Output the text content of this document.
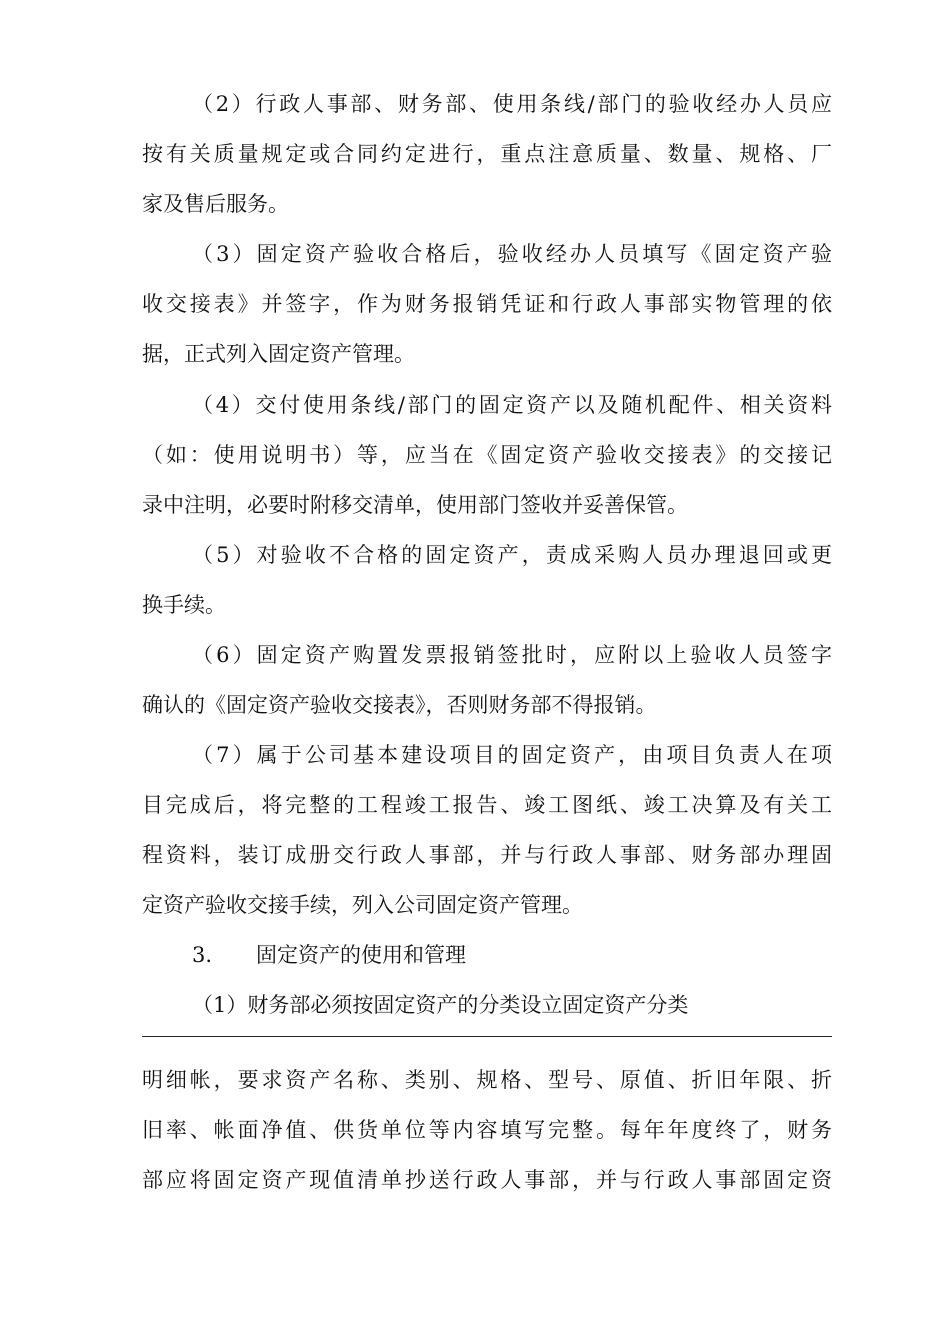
（2）行政人事部、财务部、使用条线/部门的验收经办人员应
按有关质量规定或合同约定进行，重点注意质量、数量、规格、厂
家及售后服务。
（3）固定资产验收合格后，验收经办人员填写《固定资产验
收交接表》并签字，作为财务报销凭证和行政人事部实物管理的依
据，正式列入固定资产管理。
（4）交付使用条线/部门的固定资产以及随机配件、相关资料
（如：使用说明书）等，应当在《固定资产验收交接表》的交接记
录中注明，必要时附移交清单，使用部门签收并妥善保管。
（5）对验收不合格的固定资产，责成采购人员办理退回或更
换手续。
（6）固定资产购置发票报销签批时，应附以上验收人员签字
确认的《固定资产验收交接表》，否则财务部不得报销。
（7）属于公司基本建设项目的固定资产，由项目负责人在项
目完成后，将完整的工程竣工报告、竣工图纸、竣工决算及有关工
程资料，装订成册交行政人事部，并与行政人事部、财务部办理固
定资产验收交接手续，列入公司固定资产管理。
3. 固定资产的使用和管理
（1）财务部必须按固定资产的分类设立固定资产分类
明细帐，要求资产名称、类别、规格、型号、原值、折旧年限、折
旧率、帐面净值、供货单位等内容填写完整。每年年度终了，财务
部应将固定资产现值清单抄送行政人事部，并与行政人事部固定资
